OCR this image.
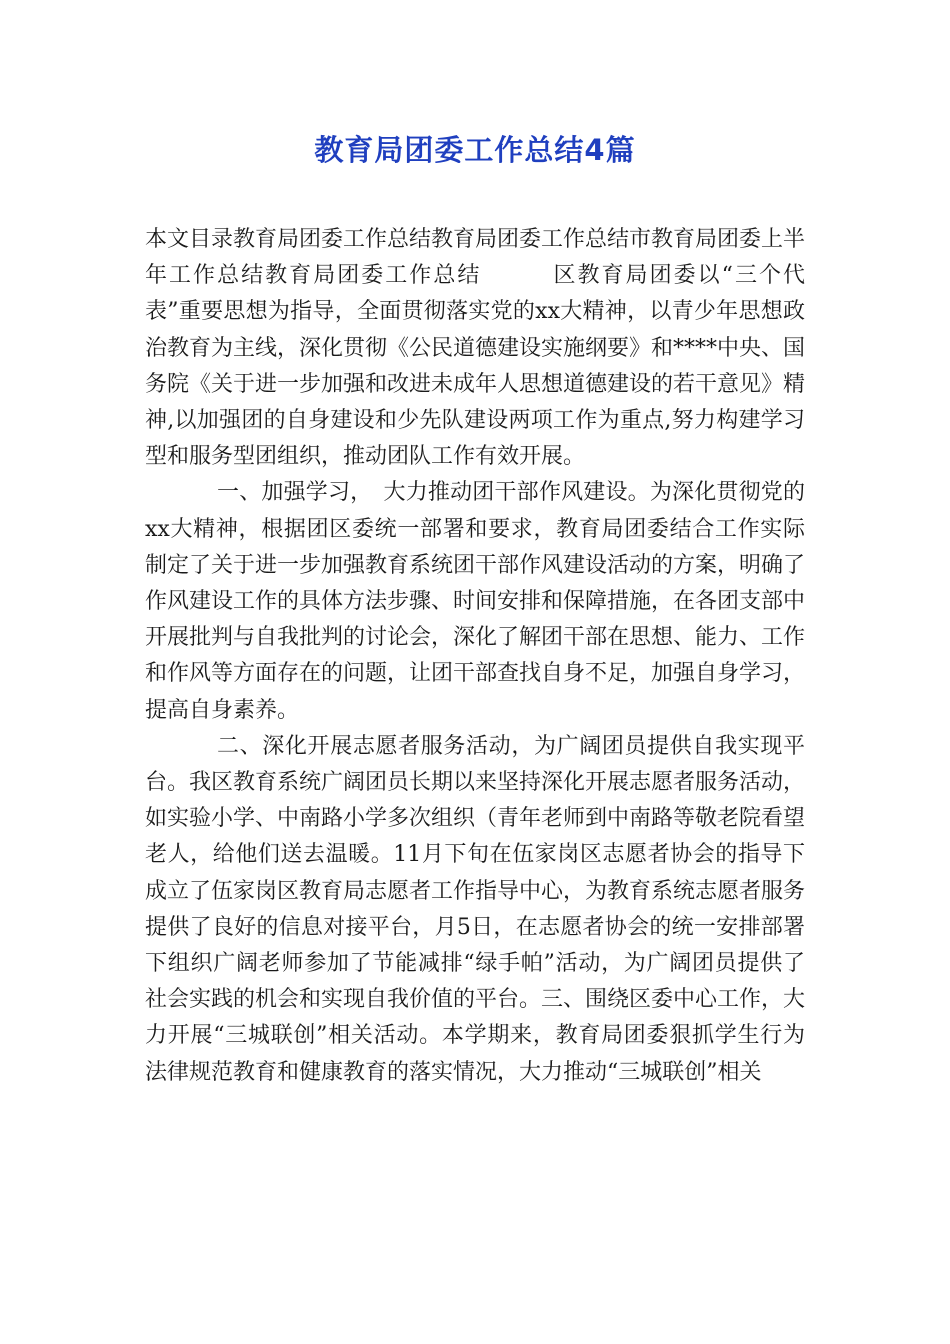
教育局团委工作总结4篇

本文目录教育局团委工作总结教育局团委工作总结市教育局团委上半年工作总结教育局团委工作总结　　　区教育局团委以“三个代表”重要思想为指导，全面贯彻落实党的xx大精神，以青少年思想政治教育为主线，深化贯彻《公民道德建设实施纲要》和****中央、国务院《关于进一步加强和改进未成年人思想道德建设的若干意见》精神,以加强团的自身建设和少先队建设两项工作为重点,努力构建学习型和服务型团组织，推动团队工作有效开展。

一、加强学习，　大力推动团干部作风建设。为深化贯彻党的xx大精神，根据团区委统一部署和要求，教育局团委结合工作实际制定了关于进一步加强教育系统团干部作风建设活动的方案，明确了作风建设工作的具体方法步骤、时间安排和保障措施，在各团支部中开展批判与自我批判的讨论会，深化了解团干部在思想、能力、工作和作风等方面存在的问题，让团干部查找自身不足，加强自身学习，提高自身素养。

二、深化开展志愿者服务活动，为广阔团员提供自我实现平台。我区教育系统广阔团员长期以来坚持深化开展志愿者服务活动，如实验小学、中南路小学多次组织（青年老师到中南路等敬老院看望老人，给他们送去温暖。11月下旬在伍家岗区志愿者协会的指导下成立了伍家岗区教育局志愿者工作指导中心，为教育系统志愿者服务提供了良好的信息对接平台，月5日，在志愿者协会的统一安排部署下组织广阔老师参加了节能减排“绿手帕”活动，为广阔团员提供了社会实践的机会和实现自我价值的平台。三、围绕区委中心工作，大力开展“三城联创”相关活动。本学期来，教育局团委狠抓学生行为法律规范教育和健康教育的落实情况，大力推动“三城联创”相关
